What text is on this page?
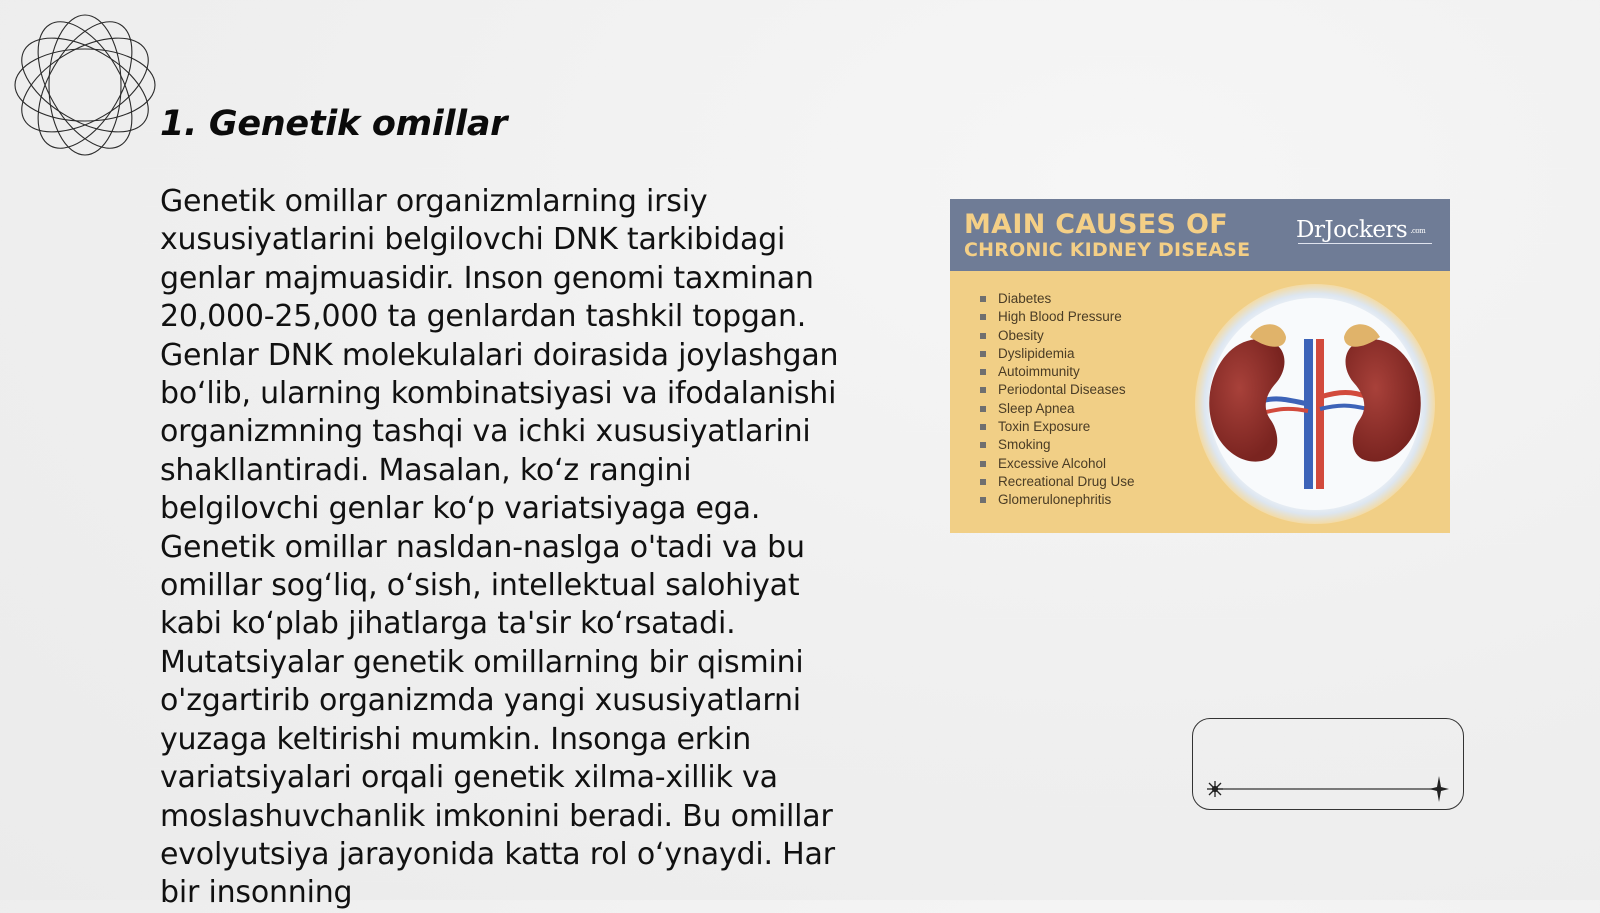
1. Genetik omillar

Genetik omillar organizmlarning irsiy xususiyatlarini belgilovchi DNK tarkibidagi genlar majmuasidir. Inson genomi taxminan 20,000-25,000 ta genlardan tashkil topgan. Genlar DNK molekulalari doirasida joylashgan bo‘lib, ularning kombinatsiyasi va ifodalanishi organizmning tashqi va ichki xususiyatlarini shakllantiradi. Masalan, ko‘z rangini belgilovchi genlar ko‘p variatsiyaga ega. Genetik omillar nasldan-naslga o'tadi va bu omillar sog‘liq, o‘sish, intellektual salohiyat kabi ko‘plab jihatlarga ta'sir ko‘rsatadi. Mutatsiyalar genetik omillarning bir qismini o'zgartirib organizmda yangi xususiyatlarni yuzaga keltirishi mumkin. Insonga erkin variatsiyalari orqali genetik xilma-xillik va moslashuvchanlik imkonini beradi. Bu omillar evolyutsiya jarayonida katta rol o‘ynaydi. Har bir insonning

MAIN CAUSES OF

CHRONIC KIDNEY DISEASE

DrJockers .com

Diabetes
High Blood Pressure
Obesity
Dyslipidemia
Autoimmunity
Periodontal Diseases
Sleep Apnea
Toxin Exposure
Smoking
Excessive Alcohol
Recreational Drug Use
Glomerulonephritis
